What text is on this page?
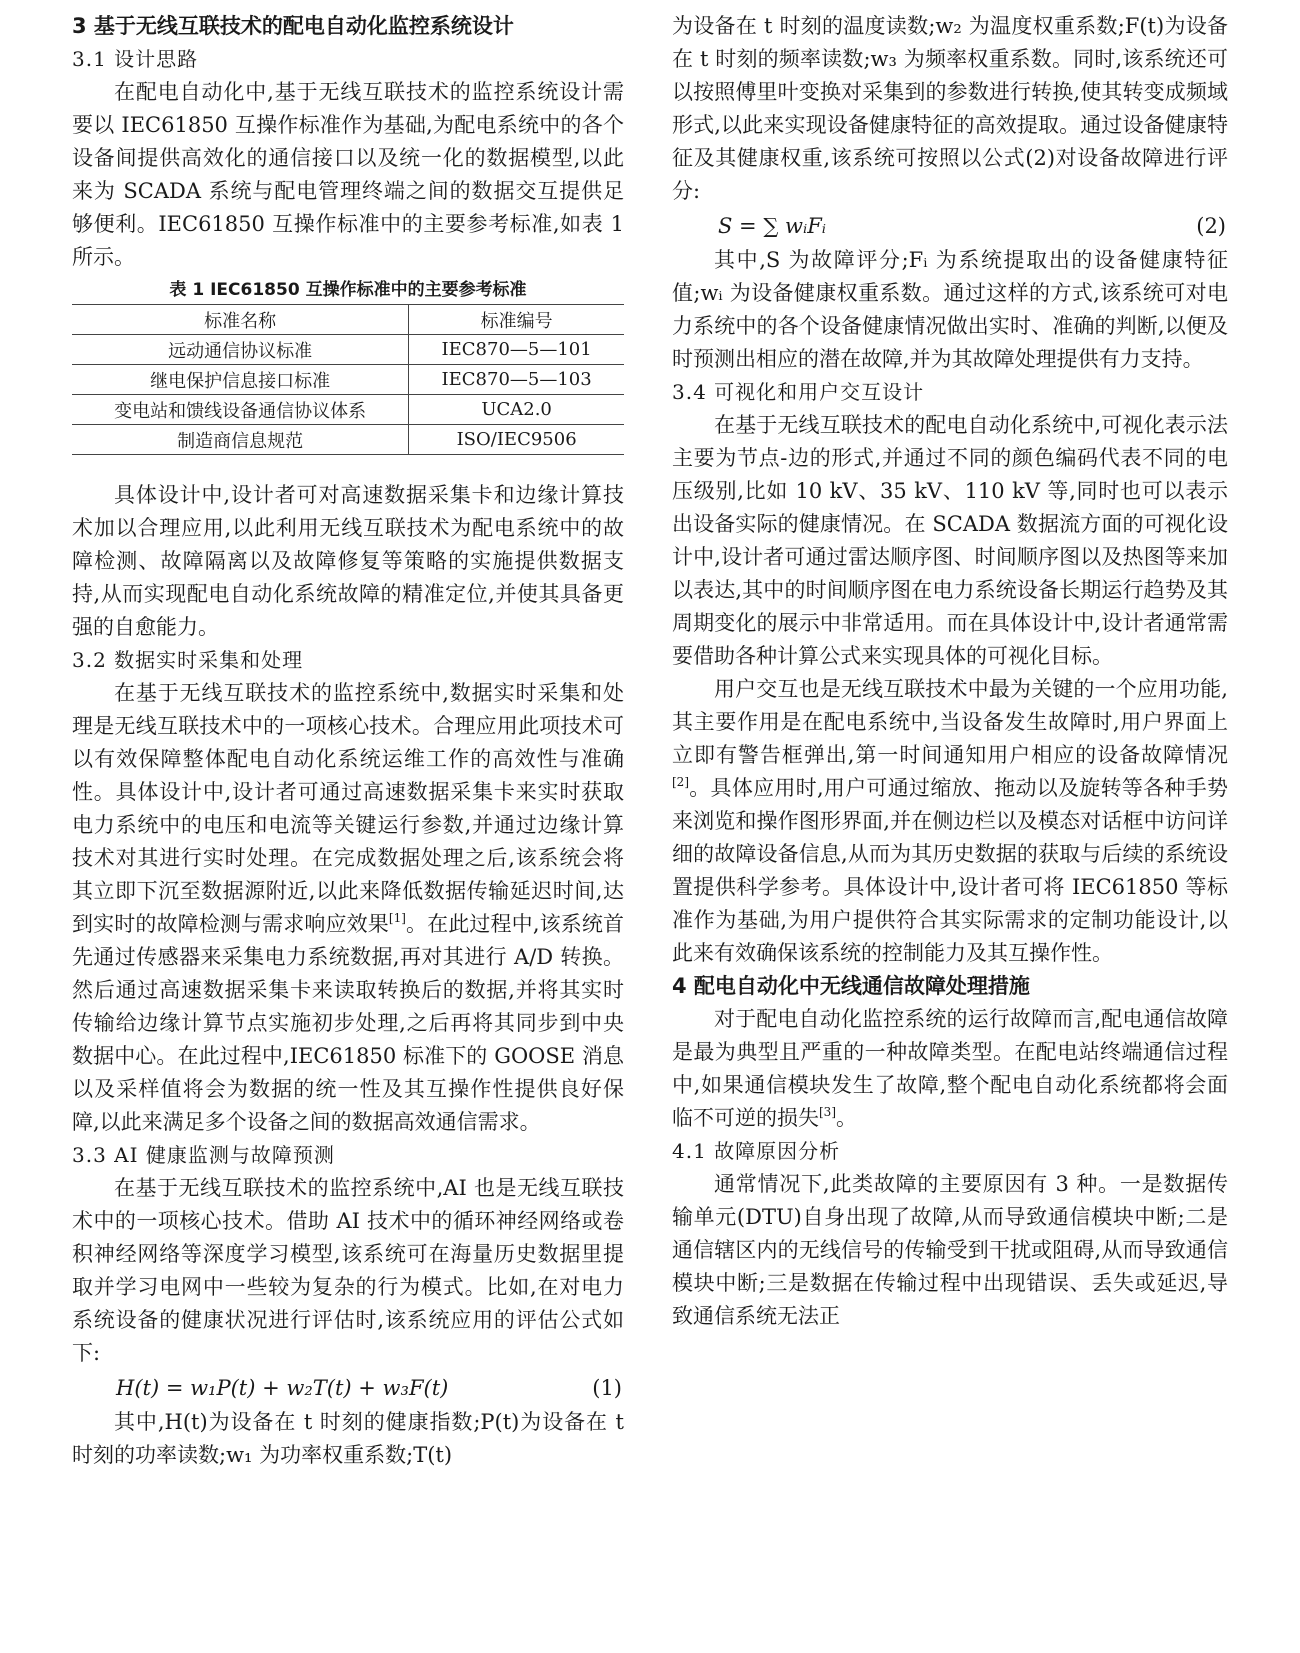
3 基于无线互联技术的配电自动化监控系统设计
3.1 设计思路

在配电自动化中,基于无线互联技术的监控系统设计需要以 IEC61850 互操作标准作为基础,为配电系统中的各个设备间提供高效化的通信接口以及统一化的数据模型,以此来为 SCADA 系统与配电管理终端之间的数据交互提供足够便利。IEC61850 互操作标准中的主要参考标准,如表 1 所示。

表 1 IEC61850 互操作标准中的主要参考标准
标准名称	标准编号
远动通信协议标准	IEC870—5—101
继电保护信息接口标准	IEC870—5—103
变电站和馈线设备通信协议体系	UCA2.0
制造商信息规范	ISO/IEC9506

具体设计中,设计者可对高速数据采集卡和边缘计算技术加以合理应用,以此利用无线互联技术为配电系统中的故障检测、故障隔离以及故障修复等策略的实施提供数据支持,从而实现配电自动化系统故障的精准定位,并使其具备更强的自愈能力。

3.2 数据实时采集和处理

在基于无线互联技术的监控系统中,数据实时采集和处理是无线互联技术中的一项核心技术。合理应用此项技术可以有效保障整体配电自动化系统运维工作的高效性与准确性。具体设计中,设计者可通过高速数据采集卡来实时获取电力系统中的电压和电流等关键运行参数,并通过边缘计算技术对其进行实时处理。在完成数据处理之后,该系统会将其立即下沉至数据源附近,以此来降低数据传输延迟时间,达到实时的故障检测与需求响应效果[1]。在此过程中,该系统首先通过传感器来采集电力系统数据,再对其进行 A/D 转换。然后通过高速数据采集卡来读取转换后的数据,并将其实时传输给边缘计算节点实施初步处理,之后再将其同步到中央数据中心。在此过程中,IEC61850 标准下的 GOOSE 消息以及采样值将会为数据的统一性及其互操作性提供良好保障,以此来满足多个设备之间的数据高效通信需求。

3.3 AI 健康监测与故障预测

在基于无线互联技术的监控系统中,AI 也是无线互联技术中的一项核心技术。借助 AI 技术中的循环神经网络或卷积神经网络等深度学习模型,该系统可在海量历史数据里提取并学习电网中一些较为复杂的行为模式。比如,在对电力系统设备的健康状况进行评估时,该系统应用的评估公式如下:

H(t) = w₁P(t) + w₂T(t) + w₃F(t)	(1)

其中,H(t)为设备在 t 时刻的健康指数;P(t)为设备在 t 时刻的功率读数;w₁ 为功率权重系数;T(t)

为设备在 t 时刻的温度读数;w₂ 为温度权重系数;F(t)为设备在 t 时刻的频率读数;w₃ 为频率权重系数。同时,该系统还可以按照傅里叶变换对采集到的参数进行转换,使其转变成频域形式,以此来实现设备健康特征的高效提取。通过设备健康特征及其健康权重,该系统可按照以公式(2)对设备故障进行评分:

S = ∑ wᵢFᵢ	(2)

其中,S 为故障评分;Fᵢ 为系统提取出的设备健康特征值;wᵢ 为设备健康权重系数。通过这样的方式,该系统可对电力系统中的各个设备健康情况做出实时、准确的判断,以便及时预测出相应的潜在故障,并为其故障处理提供有力支持。

3.4 可视化和用户交互设计

在基于无线互联技术的配电自动化系统中,可视化表示法主要为节点-边的形式,并通过不同的颜色编码代表不同的电压级别,比如 10 kV、35 kV、110 kV 等,同时也可以表示出设备实际的健康情况。在 SCADA 数据流方面的可视化设计中,设计者可通过雷达顺序图、时间顺序图以及热图等来加以表达,其中的时间顺序图在电力系统设备长期运行趋势及其周期变化的展示中非常适用。而在具体设计中,设计者通常需要借助各种计算公式来实现具体的可视化目标。

用户交互也是无线互联技术中最为关键的一个应用功能,其主要作用是在配电系统中,当设备发生故障时,用户界面上立即有警告框弹出,第一时间通知用户相应的设备故障情况[2]。具体应用时,用户可通过缩放、拖动以及旋转等各种手势来浏览和操作图形界面,并在侧边栏以及模态对话框中访问详细的故障设备信息,从而为其历史数据的获取与后续的系统设置提供科学参考。具体设计中,设计者可将 IEC61850 等标准作为基础,为用户提供符合其实际需求的定制功能设计,以此来有效确保该系统的控制能力及其互操作性。

4 配电自动化中无线通信故障处理措施

对于配电自动化监控系统的运行故障而言,配电通信故障是最为典型且严重的一种故障类型。在配电站终端通信过程中,如果通信模块发生了故障,整个配电自动化系统都将会面临不可逆的损失[3]。

4.1 故障原因分析

通常情况下,此类故障的主要原因有 3 种。一是数据传输单元(DTU)自身出现了故障,从而导致通信模块中断;二是通信辖区内的无线信号的传输受到干扰或阻碍,从而导致通信模块中断;三是数据在传输过程中出现错误、丢失或延迟,导致通信系统无法正
